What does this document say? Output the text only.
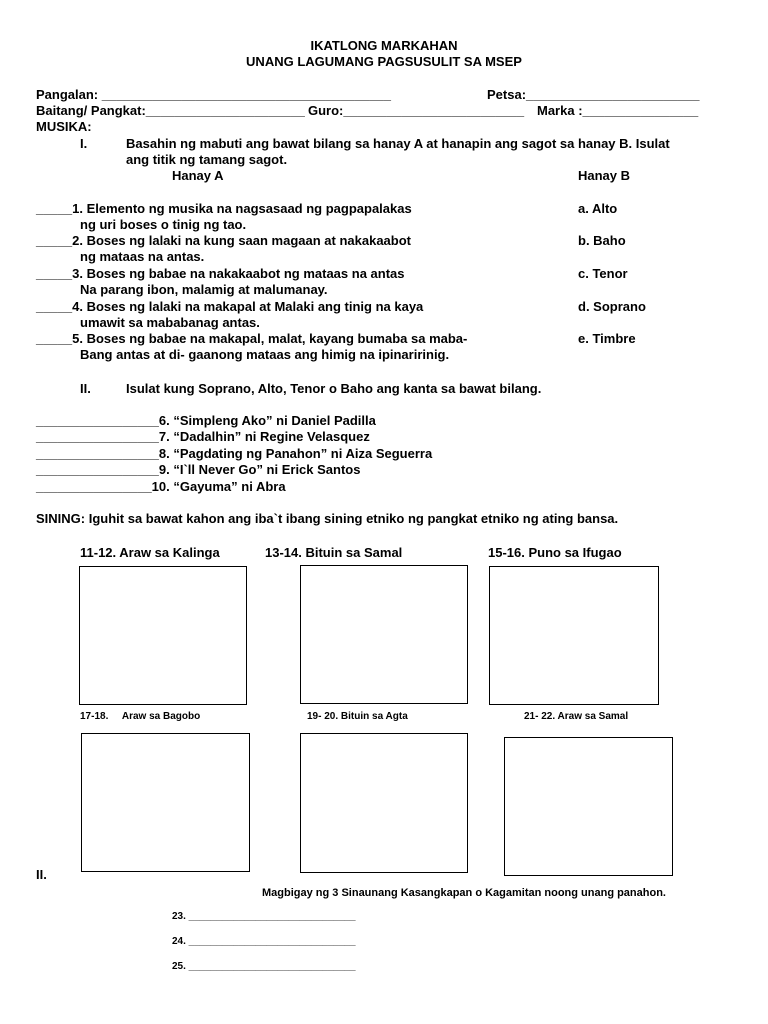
IKATLONG MARKAHAN
UNANG LAGUMANG PAGSUSULIT SA MSEP
Pangalan: ________________________________________	Petsa:________________________
Baitang/ Pangkat:______________________ Guro:_________________________ Marka :________________
MUSIKA:
I.	Basahin ng mabuti ang bawat bilang sa hanay A at hanapin ang sagot sa hanay B. Isulat
ang titik ng tamang sagot.
Hanay A	Hanay B
_____1. Elemento ng musika na nagsasaad ng pagpapalakas
ng uri boses o tinig ng tao.
a. Alto
_____2. Boses ng lalaki na kung saan magaan at nakakaabot
ng mataas na antas.
b. Baho
_____3. Boses ng babae na nakakaabot ng mataas na antas
Na parang ibon, malamig at malumanay.
c. Tenor
_____4. Boses ng lalaki na makapal at Malaki ang tinig na kaya
umawit sa mababanag antas.
d. Soprano
_____5. Boses ng babae na makapal, malat, kayang bumaba sa maba-
Bang antas at di- gaanong mataas ang himig na ipinaririnig.
e. Timbre
II.	Isulat kung Soprano, Alto, Tenor o Baho ang kanta sa bawat bilang.
_________________6. “Simpleng Ako” ni Daniel Padilla
_________________7. “Dadalhin” ni Regine Velasquez
_________________8. “Pagdating ng Panahon” ni Aiza Seguerra
_________________9. “I`ll Never Go” ni Erick Santos
________________10. “Gayuma” ni Abra
SINING: Iguhit sa bawat kahon ang iba`t ibang sining etniko ng pangkat etniko ng ating bansa.
11-12. Araw sa Kalinga	13-14. Bituin sa Samal	15-16. Puno sa Ifugao
17-18.     Araw sa Bagobo	19- 20. Bituin sa Agta	21- 22. Araw sa Samal
II.
Magbigay ng 3 Sinaunang Kasangkapan o Kagamitan noong unang panahon.
23. ______________________________
24. ______________________________
25. ______________________________
